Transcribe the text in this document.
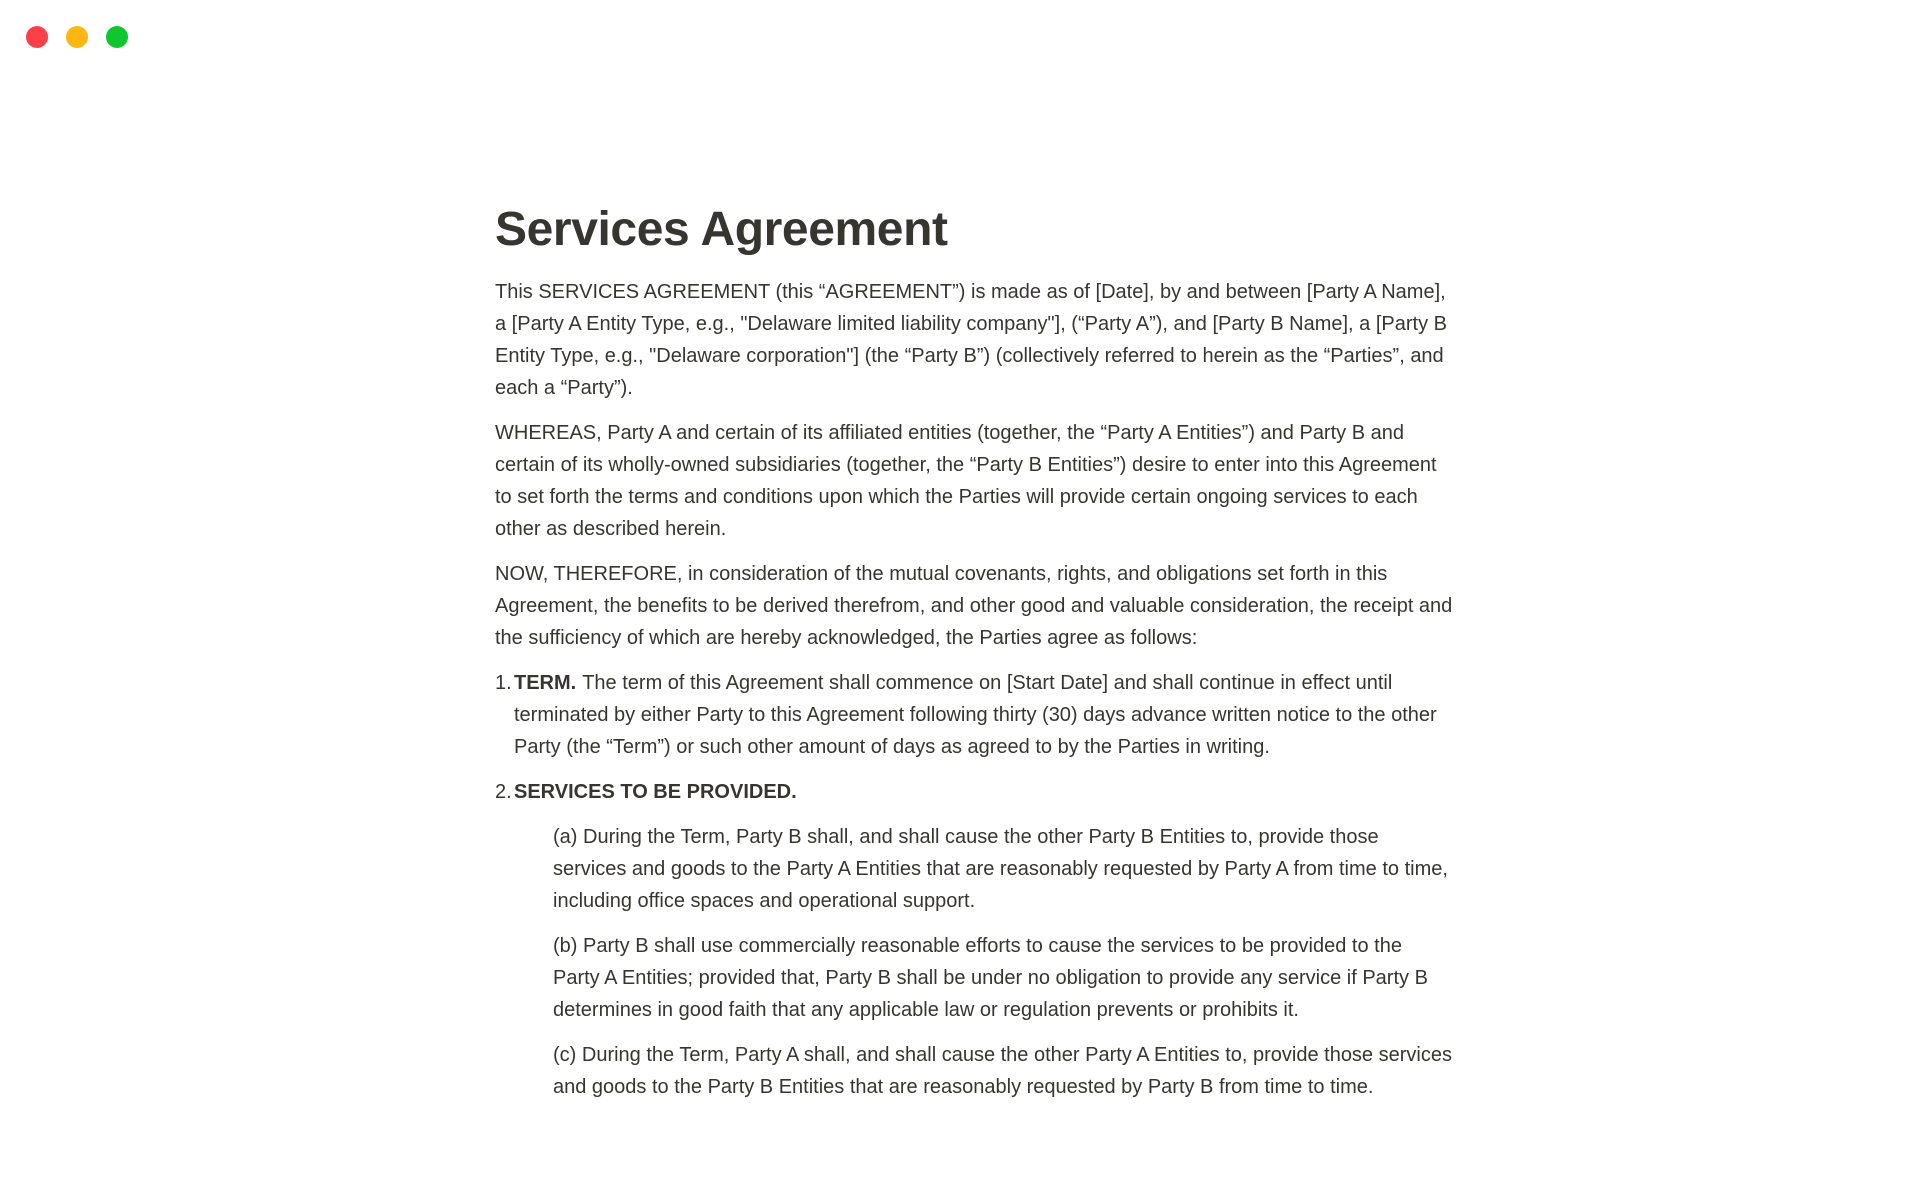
Services Agreement

This SERVICES AGREEMENT (this “AGREEMENT”) is made as of [Date], by and between [Party A Name], a [Party A Entity Type, e.g., "Delaware limited liability company"], (“Party A”), and [Party B Name], a [Party B Entity Type, e.g., "Delaware corporation"] (the “Party B”) (collectively referred to herein as the “Parties”, and each a “Party”).

WHEREAS, Party A and certain of its affiliated entities (together, the “Party A Entities”) and Party B and certain of its wholly-owned subsidiaries (together, the “Party B Entities”) desire to enter into this Agreement to set forth the terms and conditions upon which the Parties will provide certain ongoing services to each other as described herein.

NOW, THEREFORE, in consideration of the mutual covenants, rights, and obligations set forth in this Agreement, the benefits to be derived therefrom, and other good and valuable consideration, the receipt and the sufficiency of which are hereby acknowledged, the Parties agree as follows:

1. TERM. The term of this Agreement shall commence on [Start Date] and shall continue in effect until terminated by either Party to this Agreement following thirty (30) days advance written notice to the other Party (the “Term”) or such other amount of days as agreed to by the Parties in writing.
2. SERVICES TO BE PROVIDED.
(a) During the Term, Party B shall, and shall cause the other Party B Entities to, provide those services and goods to the Party A Entities that are reasonably requested by Party A from time to time, including office spaces and operational support.
(b) Party B shall use commercially reasonable efforts to cause the services to be provided to the Party A Entities; provided that, Party B shall be under no obligation to provide any service if Party B determines in good faith that any applicable law or regulation prevents or prohibits it.
(c) During the Term, Party A shall, and shall cause the other Party A Entities to, provide those services and goods to the Party B Entities that are reasonably requested by Party B from time to time.
